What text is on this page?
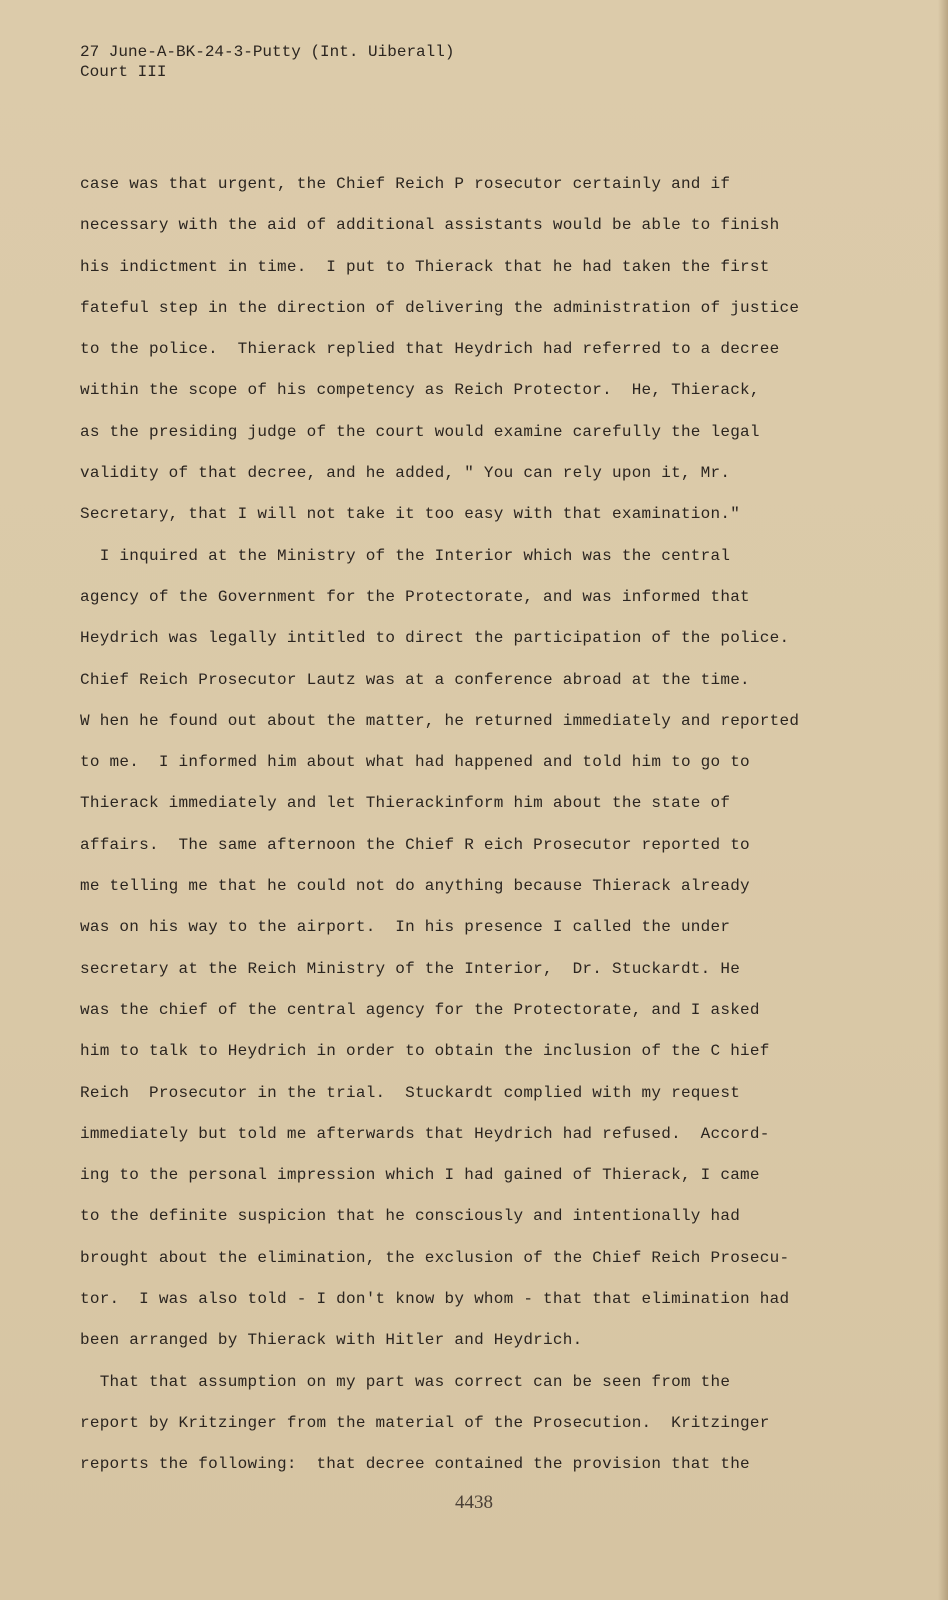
27 June-A-BK-24-3-Putty (Int. Uiberall)
Court III
case was that urgent, the Chief Reich P rosecutor certainly and if
necessary with the aid of additional assistants would be able to finish
his indictment in time.  I put to Thierack that he had taken the first
fateful step in the direction of delivering the administration of justice
to the police.  Thierack replied that Heydrich had referred to a decree
within the scope of his competency as Reich Protector.  He, Thierack,
as the presiding judge of the court would examine carefully the legal
validity of that decree, and he added, " You can rely upon it, Mr.
Secretary, that I will not take it too easy with that examination."
I inquired at the Ministry of the Interior which was the central
agency of the Government for the Protectorate, and was informed that
Heydrich was legally intitled to direct the participation of the police.
Chief Reich Prosecutor Lautz was at a conference abroad at the time.
W hen he found out about the matter, he returned immediately and reported
to me.  I informed him about what had happened and told him to go to
Thierack immediately and let Thierackinform him about the state of
affairs.  The same afternoon the Chief R eich Prosecutor reported to
me telling me that he could not do anything because Thierack already
was on his way to the airport.  In his presence I called the under
secretary at the Reich Ministry of the Interior,  Dr. Stuckardt. He
was the chief of the central agency for the Protectorate, and I asked
him to talk to Heydrich in order to obtain the inclusion of the C hief
Reich  Prosecutor in the trial.  Stuckardt complied with my request
immediately but told me afterwards that Heydrich had refused.  Accord-
ing to the personal impression which I had gained of Thierack, I came
to the definite suspicion that he consciously and intentionally had
brought about the elimination, the exclusion of the Chief Reich Prosecu-
tor.  I was also told - I don't know by whom - that that elimination had
been arranged by Thierack with Hitler and Heydrich.
That that assumption on my part was correct can be seen from the
report by Kritzinger from the material of the Prosecution.  Kritzinger
reports the following:  that decree contained the provision that the
4438
